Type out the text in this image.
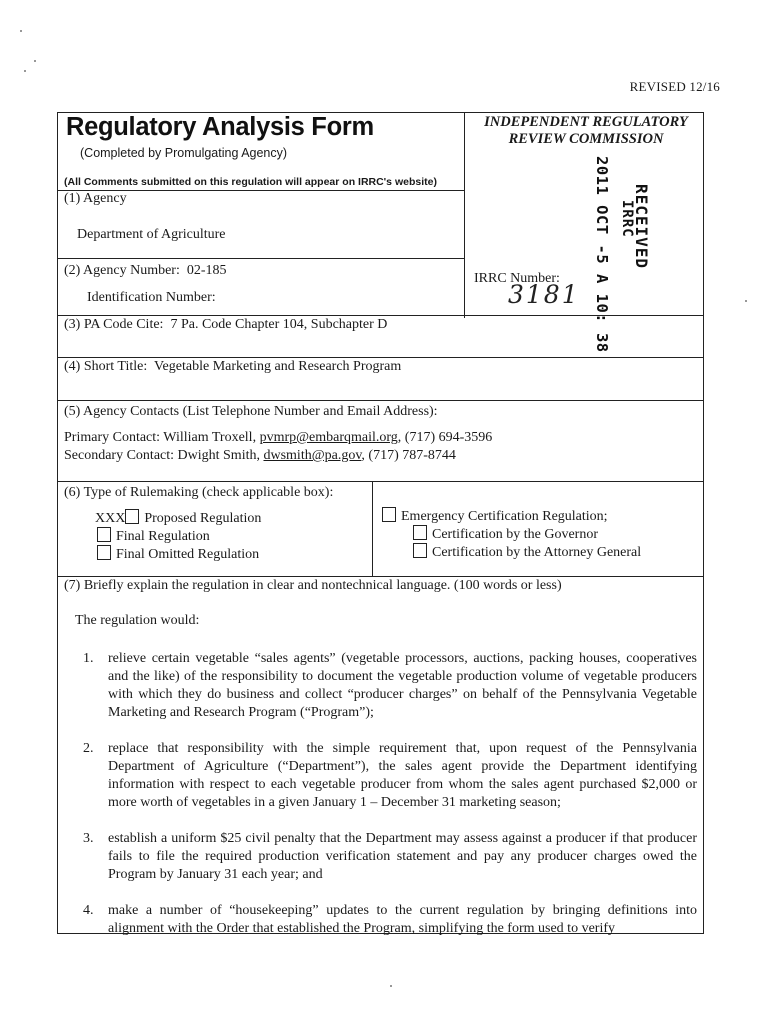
REVISED 12/16
Regulatory Analysis Form
(Completed by Promulgating Agency)
(All Comments submitted on this regulation will appear on IRRC's website)
INDEPENDENT REGULATORY
REVIEW COMMISSION
RECEIVED
IRRC
2011 OCT -5 A 10: 38
(1) Agency
Department of Agriculture
(2) Agency Number: 02-185
Identification Number:
IRRC Number:
3181
(3) PA Code Cite: 7 Pa. Code Chapter 104, Subchapter D
(4) Short Title: Vegetable Marketing and Research Program
(5) Agency Contacts (List Telephone Number and Email Address):
Primary Contact: William Troxell, pvmrp@embarqmail.org, (717) 694-3596
Secondary Contact: Dwight Smith, dwsmith@pa.gov, (717) 787-8744
(6) Type of Rulemaking (check applicable box):
XXX Proposed Regulation
Final Regulation
Final Omitted Regulation
Emergency Certification Regulation;
Certification by the Governor
Certification by the Attorney General
(7) Briefly explain the regulation in clear and nontechnical language. (100 words or less)
The regulation would:
1.	relieve certain vegetable “sales agents” (vegetable processors, auctions, packing houses, cooperatives and the like) of the responsibility to document the vegetable production volume of vegetable producers with which they do business and collect “producer charges” on behalf of the Pennsylvania Vegetable Marketing and Research Program (“Program”);
2.	replace that responsibility with the simple requirement that, upon request of the Pennsylvania Department of Agriculture (“Department”), the sales agent provide the Department identifying information with respect to each vegetable producer from whom the sales agent purchased $2,000 or more worth of vegetables in a given January 1 – December 31 marketing season;
3.	establish a uniform $25 civil penalty that the Department may assess against a producer if that producer fails to file the required production verification statement and pay any producer charges owed the Program by January 31 each year; and
4.	make a number of “housekeeping” updates to the current regulation by bringing definitions into alignment with the Order that established the Program, simplifying the form used to verify
